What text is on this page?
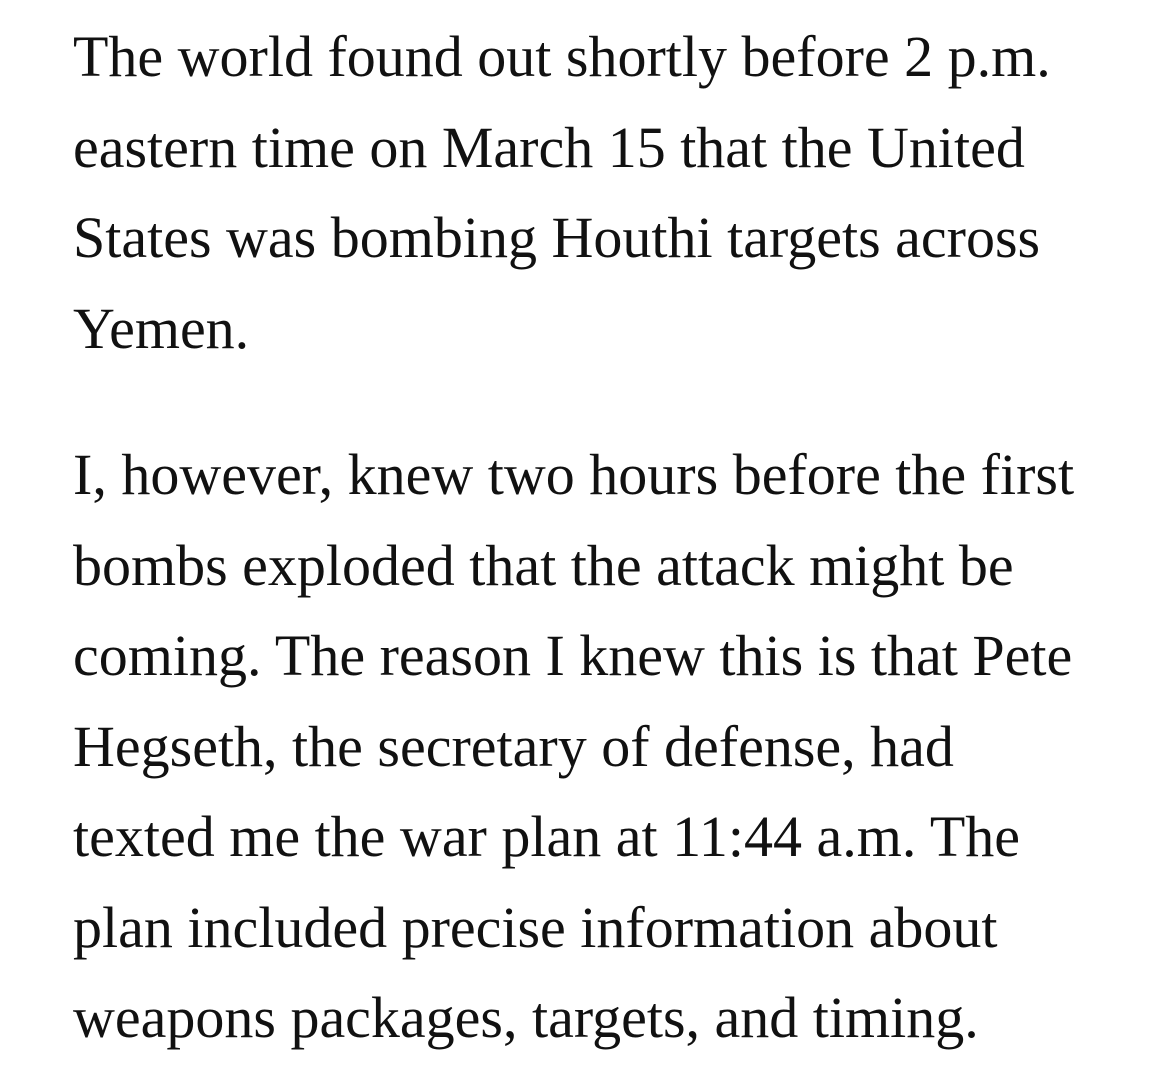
The world found out shortly before 2 p.m.
eastern time on March 15 that the United
States was bombing Houthi targets across
Yemen.

I, however, knew two hours before the first
bombs exploded that the attack might be
coming. The reason I knew this is that Pete
Hegseth, the secretary of defense, had
texted me the war plan at 11:44 a.m. The
plan included precise information about
weapons packages, targets, and timing.
